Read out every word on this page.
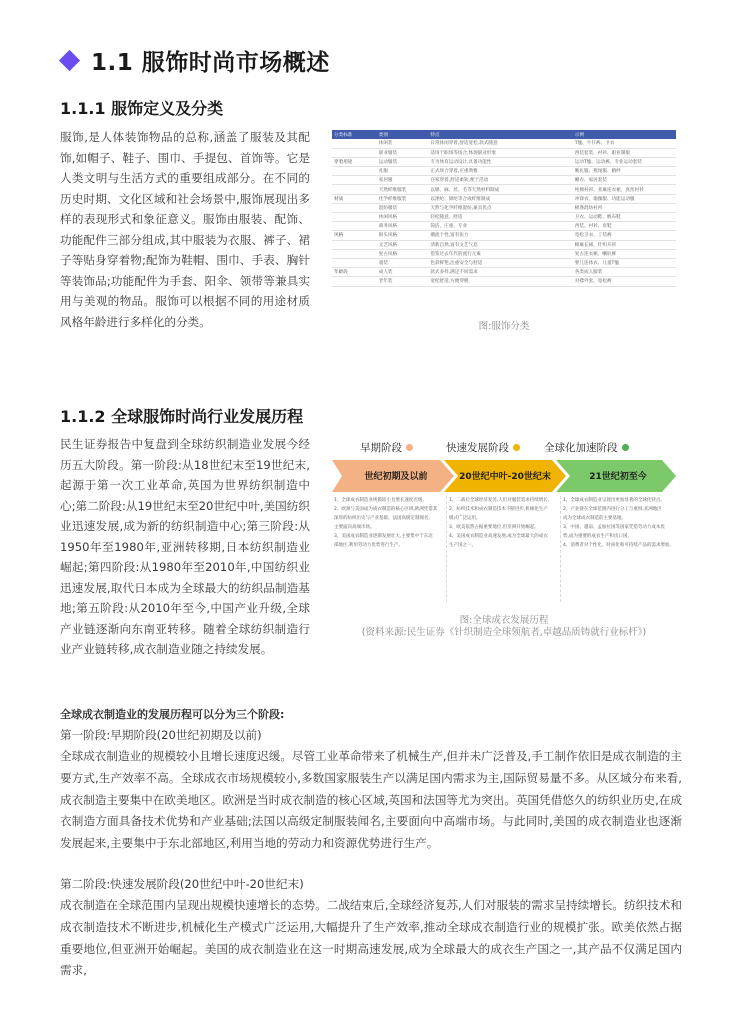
1.1 服饰时尚市场概述
1.1.1 服饰定义及分类
服饰,是人体装饰物品的总称,涵盖了服装及其配饰,如帽子、鞋子、围巾、手提包、首饰等。它是人类文明与生活方式的重要组成部分。在不同的历史时期、文化区域和社会场景中,服饰展现出多样的表现形式和象征意义。服饰由服装、配饰、功能配件三部分组成,其中服装为衣服、裤子、裙子等贴身穿着物;配饰为鞋帽、围巾、手表、胸针等装饰品;功能配件为手套、阳伞、领带等兼具实用与美观的物品。服饰可以根据不同的用途材质风格年龄进行多样化的分类。
分类标准	类别	特点	示例
	休闲装	日常休闲穿着,舒适宽松,款式随意	T恤、牛仔裤、卫衣
	职业服装	适用于职场等场合,体现职业形象	西装套装、衬衫、职业制服
穿着用途	运动服装	专为体育运动设计,具备功能性	运动T恤、运动裤、专业运动套装
	礼服	正式场合穿着,庄重典雅	晚礼服、燕尾服、婚纱
	家居服	在家穿着,舒适柔软,便于活动	睡衣、家居套装
	天然纤维服装	以棉、麻、丝、毛等天然材料制成	纯棉衬衫、亚麻连衣裙、真丝衬衫
材质	化学纤维服装	以涤纶、锦纶等合成纤维制成	冲锋衣、瑜伽服、功能运动服
	混纺服装	天然与化学纤维混纺,兼具优点	棉涤混纺衬衫
	休闲风格	轻松随意、舒适	卫衣、运动鞋、帆布鞋
	商务风格	简洁、庄重、专业	西装、衬衫、皮鞋
风格	街头风格	潮流个性,富有张力	宽松卫衣、工装裤
	文艺风格	清新自然,富有文艺气息	棉麻长裙、针织开衫
	复古风格	借鉴过去年代的流行元素	复古连衣裙、喇叭裤
	童装	色彩鲜艳,注重安全与舒适	婴儿连体衣、儿童T恤
年龄段	成人装	款式多样,满足不同需求	各类成人服装
	老年装	宽松舒适,方便穿脱	对襟外套、宽松裤
图:服饰分类
1.1.2 全球服饰时尚行业发展历程
民生证券报告中复盘到全球纺织制造业发展今经历五大阶段。第一阶段:从18世纪末至19世纪末,起源于第一次工业革命,英国为世界纺织制造中心;第二阶段:从19世纪末至20世纪中叶,美国纺织业迅速发展,成为新的纺织制造中心;第三阶段:从1950年至1980年,亚洲转移期,日本纺织制造业崛起;第四阶段:从1980年至2010年,中国纺织业迅速发展,取代日本成为全球最大的纺织品制造基地;第五阶段:从2010年至今,中国产业升级,全球产业链逐渐向东南亚转移。随着全球纺织制造行业产业链转移,成衣制造业随之持续发展。
早期阶段	快速发展阶段	全球化加速阶段
世纪初期及以前	20世纪中叶-20世纪末	21世纪初至今
1、全球成衣制造业规模较小且增长速度迟缓。
2、欧洲与美国成为成衣制造的核心区域,欧洲凭借其
深厚的纺织历史与产业基础、法国高级定制闻名,
主要面向高端市场。
3、美国成衣制造业逐渐发展壮大,主要集中于东北
部地区,利用劳动力优势进行生产。
1、二战后全球经济复苏,人们对服装需求持续增长。
2、纺织技术和成衣制造技术不断进步,机械化生产
模式广泛运用。
3、欧美依然占据重要地位,但亚洲开始崛起。
4、美国成衣制造业高速发展,成为全球最大的成衣
生产国之一。
1、全球成衣制造业呈现出更加显著的全球化特点。
2、产业链在全球范围内进行分工与重组,亚洲地区
成为全球成衣制造的主要基地。
3、中国、越南、孟加拉国等国家凭借劳动力成本优
势,成为重要的成衣生产和出口国。
4、消费者对个性化、时尚化和可持续产品的需求增加。
图:全球成衣发展历程
(资料来源:民生证券《针织制造全球领航者,卓越品质铸就行业标杆》)
全球成衣制造业的发展历程可以分为三个阶段:
第一阶段:早期阶段(20世纪初期及以前)
全球成衣制造业的规模较小且增长速度迟缓。尽管工业革命带来了机械生产,但并未广泛普及,手工制作依旧是成衣制造的主要方式,生产效率不高。全球成衣市场规模较小,多数国家服装生产以满足国内需求为主,国际贸易量不多。从区域分布来看,成衣制造主要集中在欧美地区。欧洲是当时成衣制造的核心区域,英国和法国等尤为突出。英国凭借悠久的纺织业历史,在成衣制造方面具备技术优势和产业基础;法国以高级定制服装闻名,主要面向中高端市场。与此同时,美国的成衣制造业也逐渐发展起来,主要集中于东北部地区,利用当地的劳动力和资源优势进行生产。
第二阶段:快速发展阶段(20世纪中叶-20世纪末)
成衣制造在全球范围内呈现出规模快速增长的态势。二战结束后,全球经济复苏,人们对服装的需求呈持续增长。纺织技术和成衣制造技术不断进步,机械化生产模式广泛运用,大幅提升了生产效率,推动全球成衣制造行业的规模扩张。欧美依然占据重要地位,但亚洲开始崛起。美国的成衣制造业在这一时期高速发展,成为全球最大的成衣生产国之一,其产品不仅满足国内需求,
